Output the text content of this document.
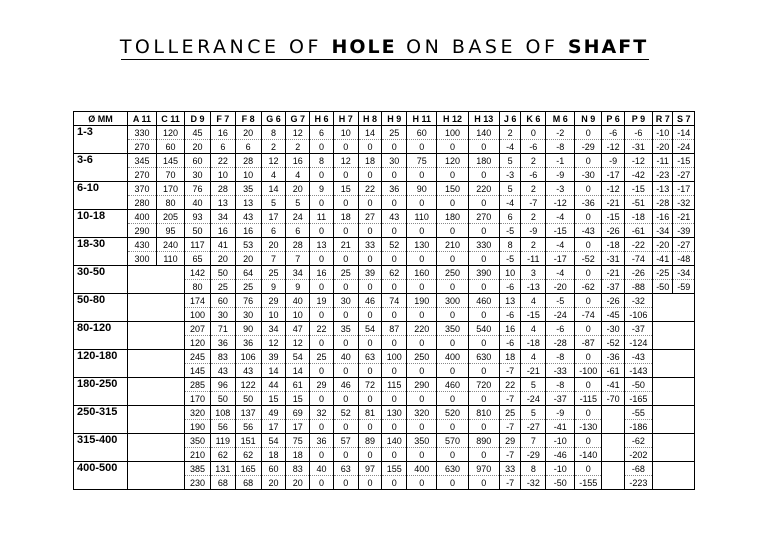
TOLLERANCE OF HOLE ON BASE OF SHAFT
Ø MM	A 11	C 11	D 9	F 7	F 8	G 6	G 7	H 6	H 7	H 8	H 9	H 11	H 12	H 13	J 6	K 6	M 6	N 9	P 6	P 9	R 7	S 7
1-3	330	120	45	16	20	8	12	6	10	14	25	60	100	140	2	0	-2	0	-6	-6	-10	-14
	270	60	20	6	6	2	2	0	0	0	0	0	0	0	-4	-6	-8	-29	-12	-31	-20	-24
3-6	345	145	60	22	28	12	16	8	12	18	30	75	120	180	5	2	-1	0	-9	-12	-11	-15
	270	70	30	10	10	4	4	0	0	0	0	0	0	0	-3	-6	-9	-30	-17	-42	-23	-27
6-10	370	170	76	28	35	14	20	9	15	22	36	90	150	220	5	2	-3	0	-12	-15	-13	-17
	280	80	40	13	13	5	5	0	0	0	0	0	0	0	-4	-7	-12	-36	-21	-51	-28	-32
10-18	400	205	93	34	43	17	24	11	18	27	43	110	180	270	6	2	-4	0	-15	-18	-16	-21
	290	95	50	16	16	6	6	0	0	0	0	0	0	0	-5	-9	-15	-43	-26	-61	-34	-39
18-30	430	240	117	41	53	20	28	13	21	33	52	130	210	330	8	2	-4	0	-18	-22	-20	-27
	300	110	65	20	20	7	7	0	0	0	0	0	0	0	-5	-11	-17	-52	-31	-74	-41	-48
30-50			142	50	64	25	34	16	25	39	62	160	250	390	10	3	-4	0	-21	-26	-25	-34
			80	25	25	9	9	0	0	0	0	0	0	0	-6	-13	-20	-62	-37	-88	-50	-59
50-80			174	60	76	29	40	19	30	46	74	190	300	460	13	4	-5	0	-26	-32		
			100	30	30	10	10	0	0	0	0	0	0	0	-6	-15	-24	-74	-45	-106		
80-120			207	71	90	34	47	22	35	54	87	220	350	540	16	4	-6	0	-30	-37		
			120	36	36	12	12	0	0	0	0	0	0	0	-6	-18	-28	-87	-52	-124		
120-180			245	83	106	39	54	25	40	63	100	250	400	630	18	4	-8	0	-36	-43		
			145	43	43	14	14	0	0	0	0	0	0	0	-7	-21	-33	-100	-61	-143		
180-250			285	96	122	44	61	29	46	72	115	290	460	720	22	5	-8	0	-41	-50		
			170	50	50	15	15	0	0	0	0	0	0	0	-7	-24	-37	-115	-70	-165		
250-315			320	108	137	49	69	32	52	81	130	320	520	810	25	5	-9	0		-55		
			190	56	56	17	17	0	0	0	0	0	0	0	-7	-27	-41	-130		-186		
315-400			350	119	151	54	75	36	57	89	140	350	570	890	29	7	-10	0		-62		
			210	62	62	18	18	0	0	0	0	0	0	0	-7	-29	-46	-140		-202		
400-500			385	131	165	60	83	40	63	97	155	400	630	970	33	8	-10	0		-68		
			230	68	68	20	20	0	0	0	0	0	0	0	-7	-32	-50	-155		-223		
